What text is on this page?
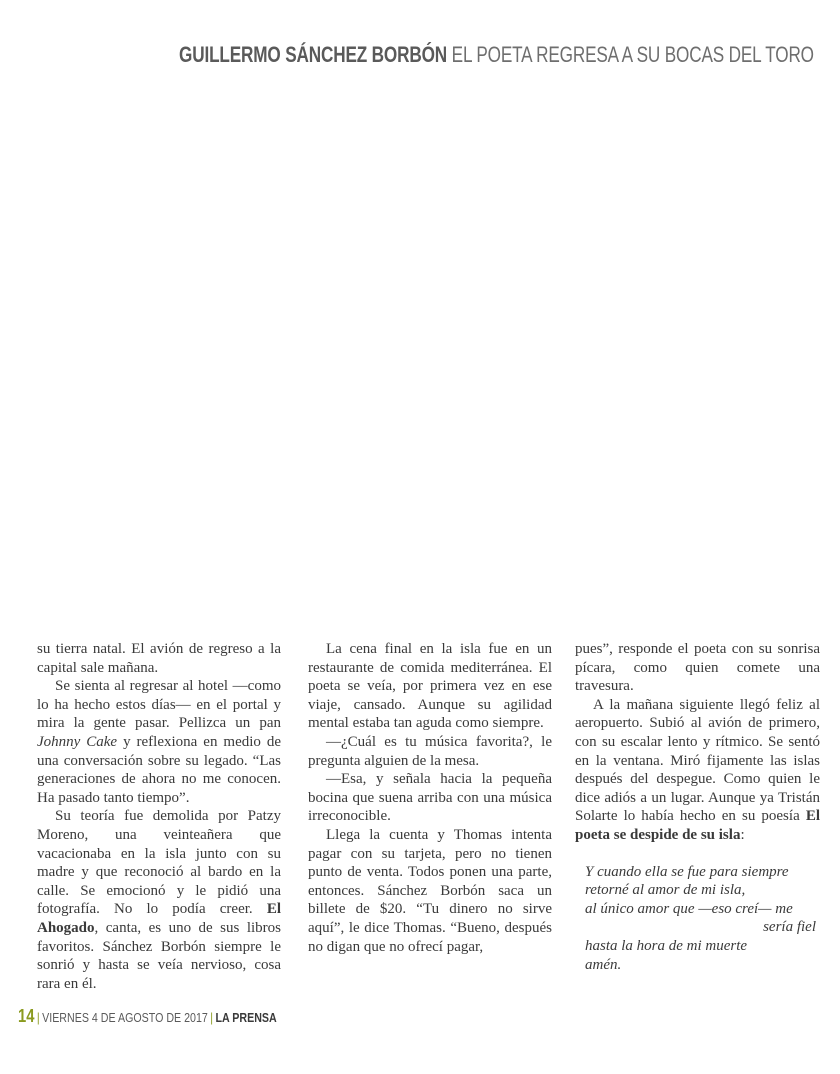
GUILLERMO SÁNCHEZ BORBÓN EL POETA REGRESA A SU BOCAS DEL TORO

su tierra natal. El avión de regreso a la capital sale mañana.

Se sienta al regresar al hotel —como lo ha hecho estos días— en el portal y mira la gente pasar. Pellizca un pan Johnny Cake y reflexiona en medio de una conversación sobre su legado. “Las generaciones de ahora no me conocen. Ha pasado tanto tiempo”.

Su teoría fue demolida por Patzy Moreno, una veinteañera que vacacionaba en la isla junto con su madre y que reconoció al bardo en la calle. Se emocionó y le pidió una fotografía. No lo podía creer. El Ahogado, canta, es uno de sus libros favoritos. Sánchez Borbón siempre le sonrió y hasta se veía nervioso, cosa rara en él.

La cena final en la isla fue en un restaurante de comida mediterránea. El poeta se veía, por primera vez en ese viaje, cansado. Aunque su agilidad mental estaba tan aguda como siempre.

—¿Cuál es tu música favorita?, le pregunta alguien de la mesa.

—Esa, y señala hacia la pequeña bocina que suena arriba con una música irreconocible.

Llega la cuenta y Thomas intenta pagar con su tarjeta, pero no tienen punto de venta. Todos ponen una parte, entonces. Sánchez Borbón saca un billete de $20. “Tu dinero no sirve aquí”, le dice Thomas. “Bueno, después no digan que no ofrecí pagar,

pues”, responde el poeta con su sonrisa pícara, como quien comete una travesura.

A la mañana siguiente llegó feliz al aeropuerto. Subió al avión de primero, con su escalar lento y rítmico. Se sentó en la ventana. Miró fijamente las islas después del despegue. Como quien le dice adiós a un lugar. Aunque ya Tristán Solarte lo había hecho en su poesía El poeta se despide de su isla:

Y cuando ella se fue para siempre
retorné al amor de mi isla,
al único amor que —eso creí— me
sería fiel
hasta la hora de mi muerte
amén.
14 | VIERNES 4 DE AGOSTO DE 2017 | LA PRENSA
